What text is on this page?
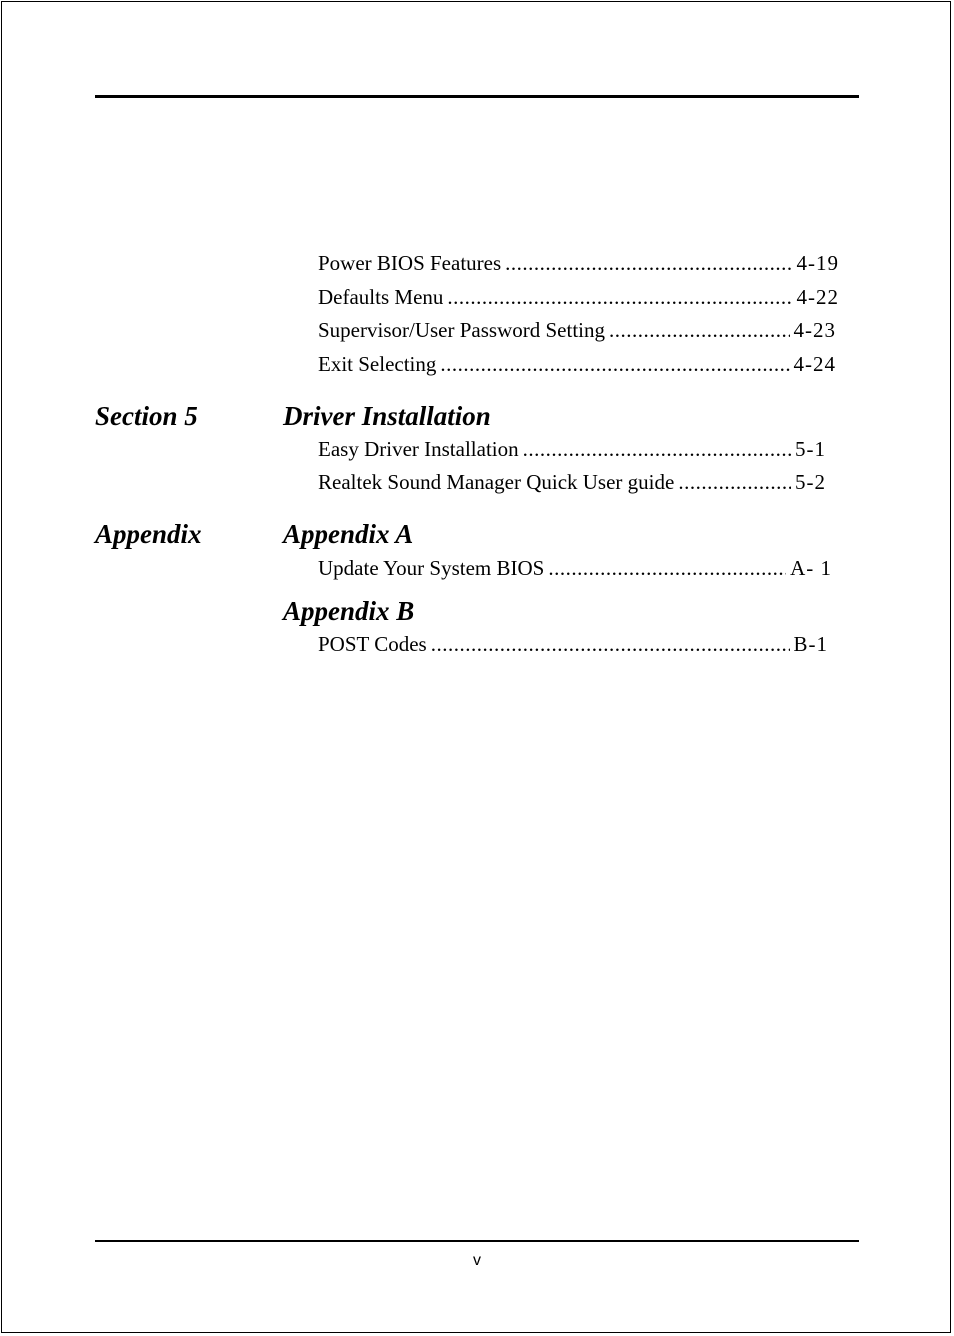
Power BIOS Features .....	4-19
Defaults Menu .....	4-22
Supervisor/User Password Setting .....	4-23
Exit Selecting .....	4-24
Section 5	Driver Installation
Easy Driver Installation .....	5-1
Realtek Sound Manager Quick User guide .....	5-2
Appendix	Appendix A
Update Your System BIOS .....	A- 1
Appendix B
POST Codes .....	B-1
v
